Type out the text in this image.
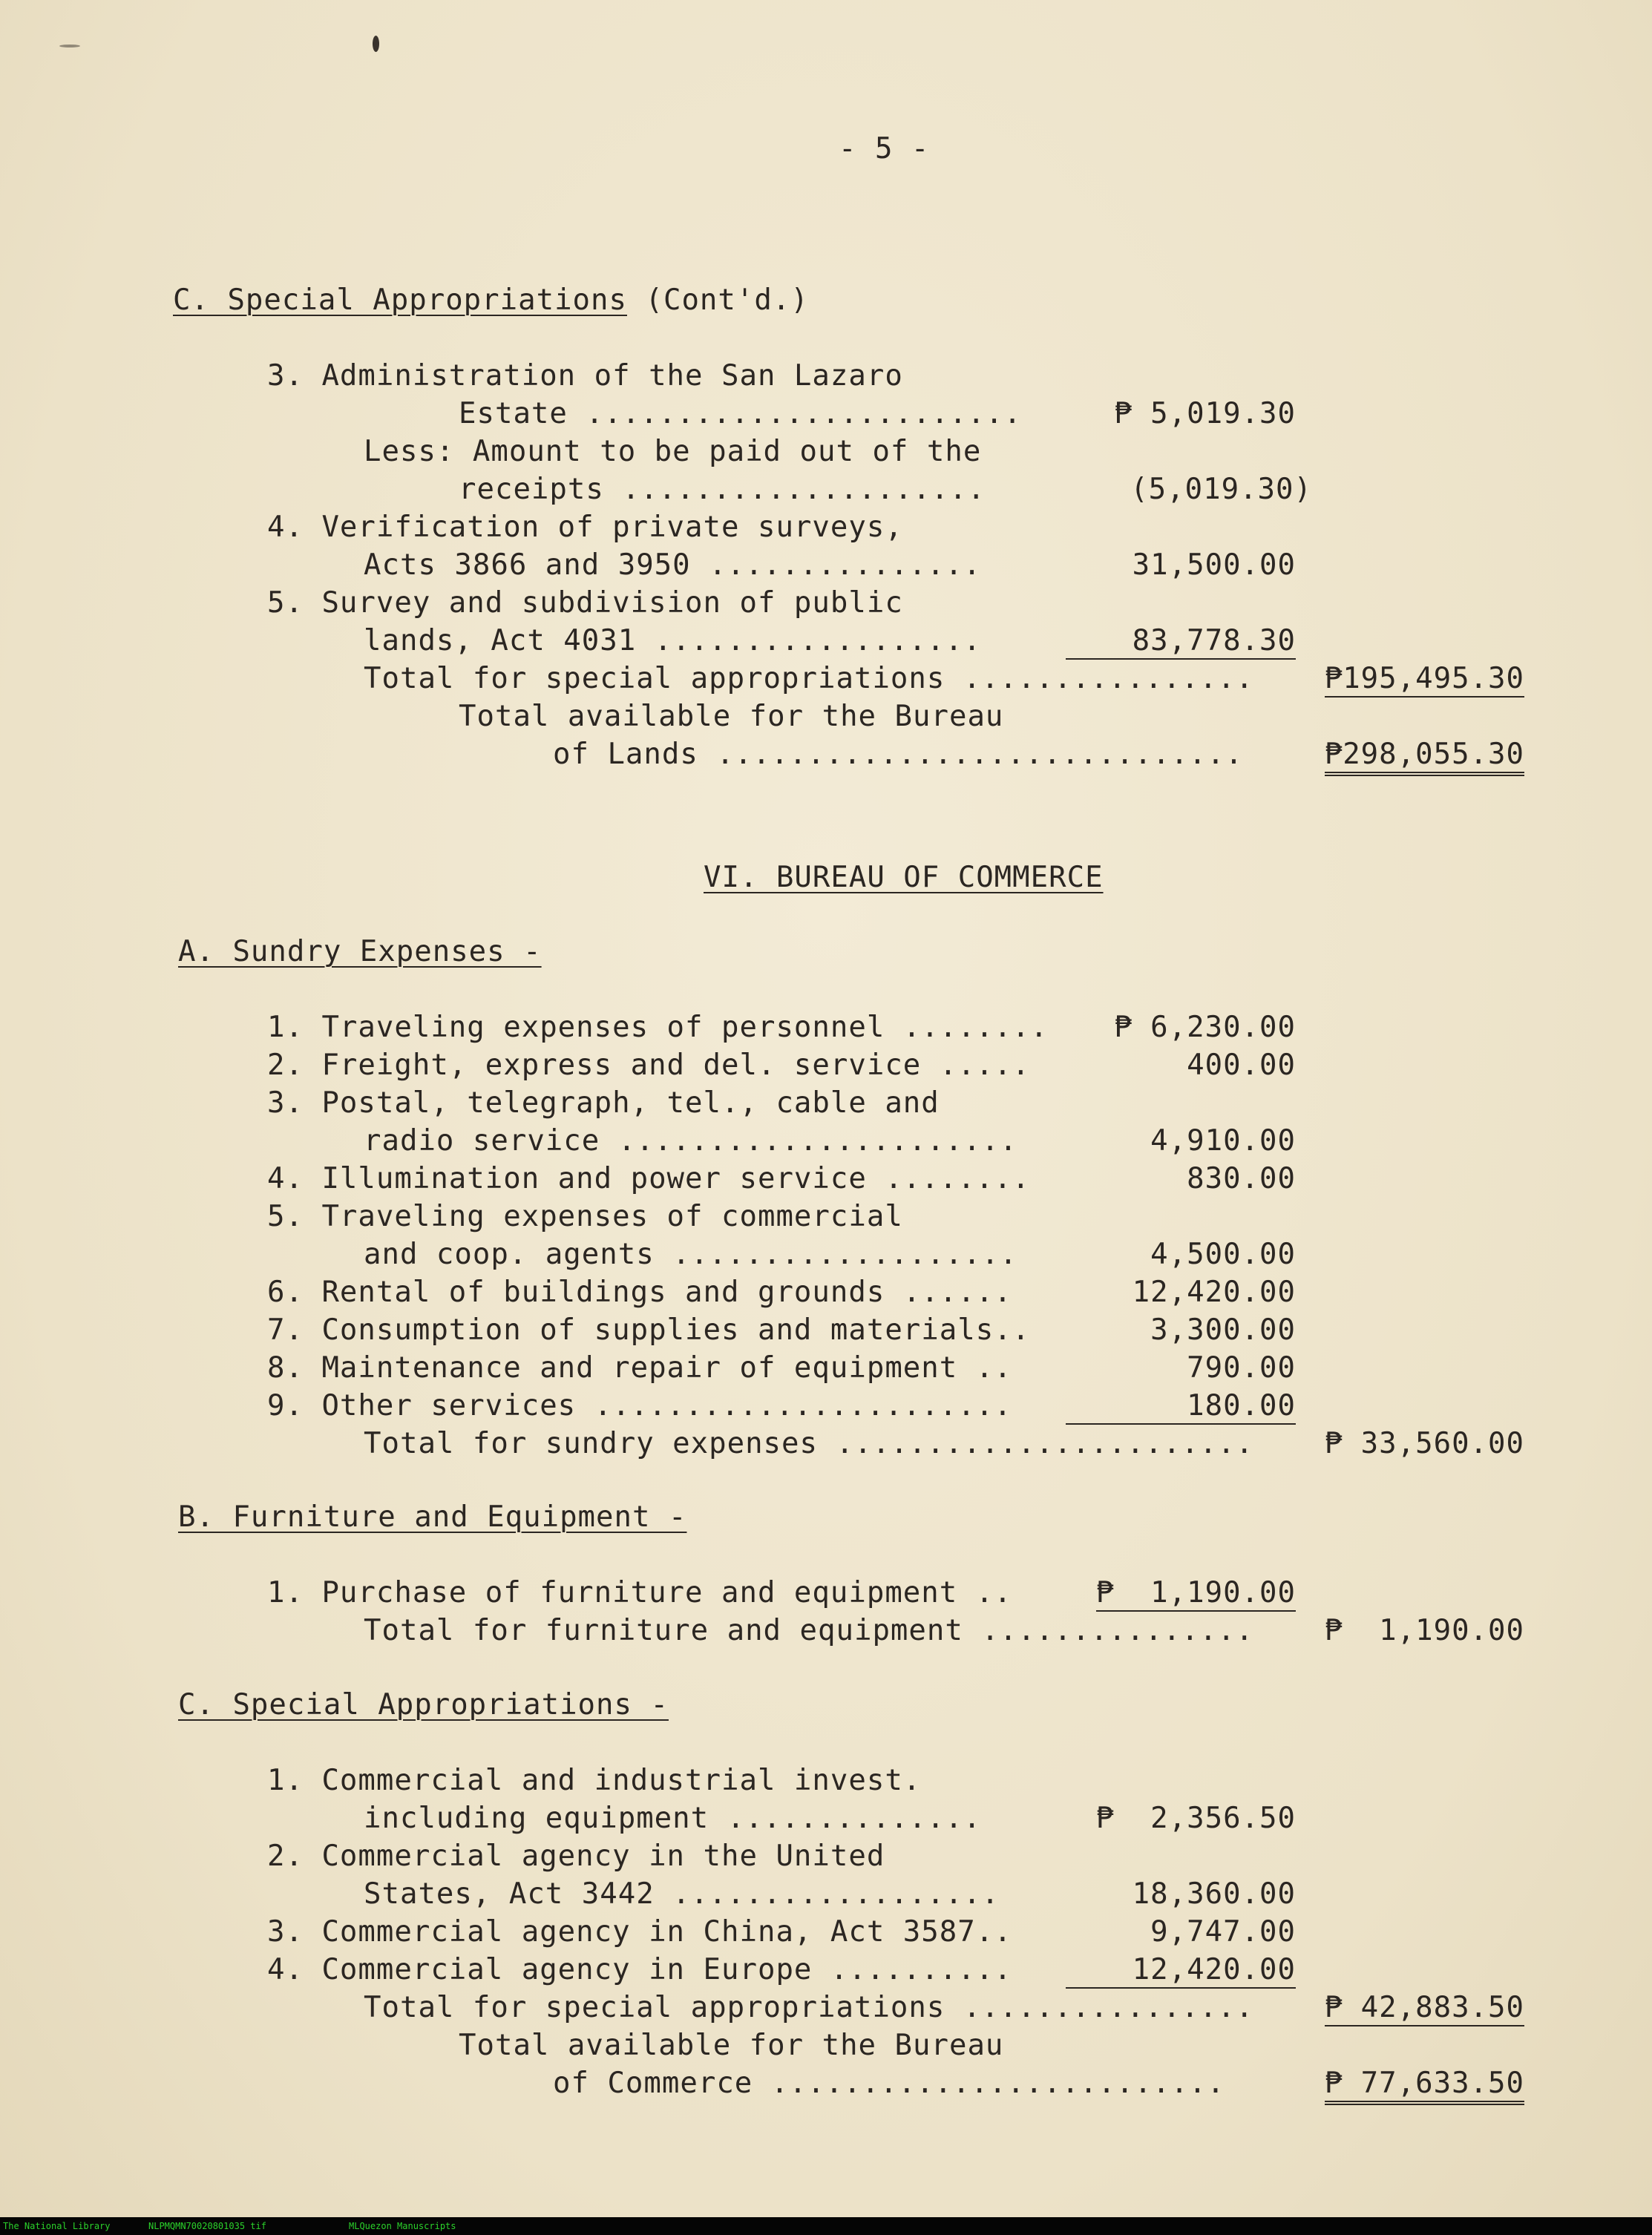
- 5 -
C. Special Appropriations (Cont'd.)
3. Administration of the San Lazaro
Estate ........................	₱ 5,019.30
Less: Amount to be paid out of the
receipts ....................	(5,019.30)
4. Verification of private surveys,
Acts 3866 and 3950 ...............	31,500.00
5. Survey and subdivision of public
lands, Act 4031 ..................	83,778.30
Total for special appropriations ................ ₱195,495.30
Total available for the Bureau
of Lands .............................	₱298,055.30
VI. BUREAU OF COMMERCE
A. Sundry Expenses -
1. Traveling expenses of personnel ........ ₱ 6,230.00
2. Freight, express and del. service .....	400.00
3. Postal, telegraph, tel., cable and
radio service ......................	4,910.00
4. Illumination and power service ........	830.00
5. Traveling expenses of commercial
and coop. agents ...................	4,500.00
6. Rental of buildings and grounds ......	12,420.00
7. Consumption of supplies and materials..	3,300.00
8. Maintenance and repair of equipment ..	790.00
9. Other services .......................	180.00
Total for sundry expenses ....................... ₱ 33,560.00
B. Furniture and Equipment -
1. Purchase of furniture and equipment ..	₱  1,190.00
Total for furniture and equipment ............... ₱  1,190.00
C. Special Appropriations -
1. Commercial and industrial invest.
including equipment ..............	₱  2,356.50
2. Commercial agency in the United
States, Act 3442 ..................	18,360.00
3. Commercial agency in China, Act 3587..	9,747.00
4. Commercial agency in Europe ..........	12,420.00
Total for special appropriations ................ ₱ 42,883.50
Total available for the Bureau
of Commerce .........................	₱ 77,633.50
The National Library	NLPMQMN70020801035 tif	MLQuezon Manuscripts
